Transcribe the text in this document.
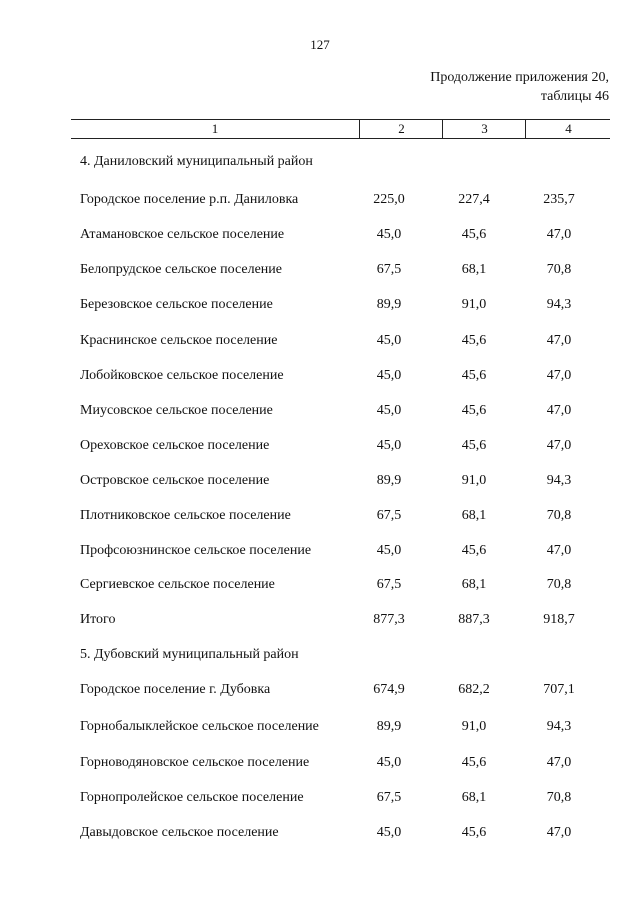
127
Продолжение приложения 20,
таблицы 46
1	2	3	4
4. Даниловский муниципальный район
Городское поселение р.п. Даниловка	225,0	227,4	235,7
Атамановское сельское поселение	45,0	45,6	47,0
Белопрудское сельское поселение	67,5	68,1	70,8
Березовское сельское поселение	89,9	91,0	94,3
Краснинское сельское поселение	45,0	45,6	47,0
Лобойковское сельское поселение	45,0	45,6	47,0
Миусовское сельское поселение	45,0	45,6	47,0
Ореховское сельское поселение	45,0	45,6	47,0
Островское сельское поселение	89,9	91,0	94,3
Плотниковское сельское поселение	67,5	68,1	70,8
Профсоюзнинское сельское поселение	45,0	45,6	47,0
Сергиевское сельское поселение	67,5	68,1	70,8
Итого	877,3	887,3	918,7
5. Дубовский муниципальный район
Городское поселение г. Дубовка	674,9	682,2	707,1
Горнобалыклейское сельское поселение	89,9	91,0	94,3
Горноводяновское сельское поселение	45,0	45,6	47,0
Горнопролейское сельское поселение	67,5	68,1	70,8
Давыдовское сельское поселение	45,0	45,6	47,0
